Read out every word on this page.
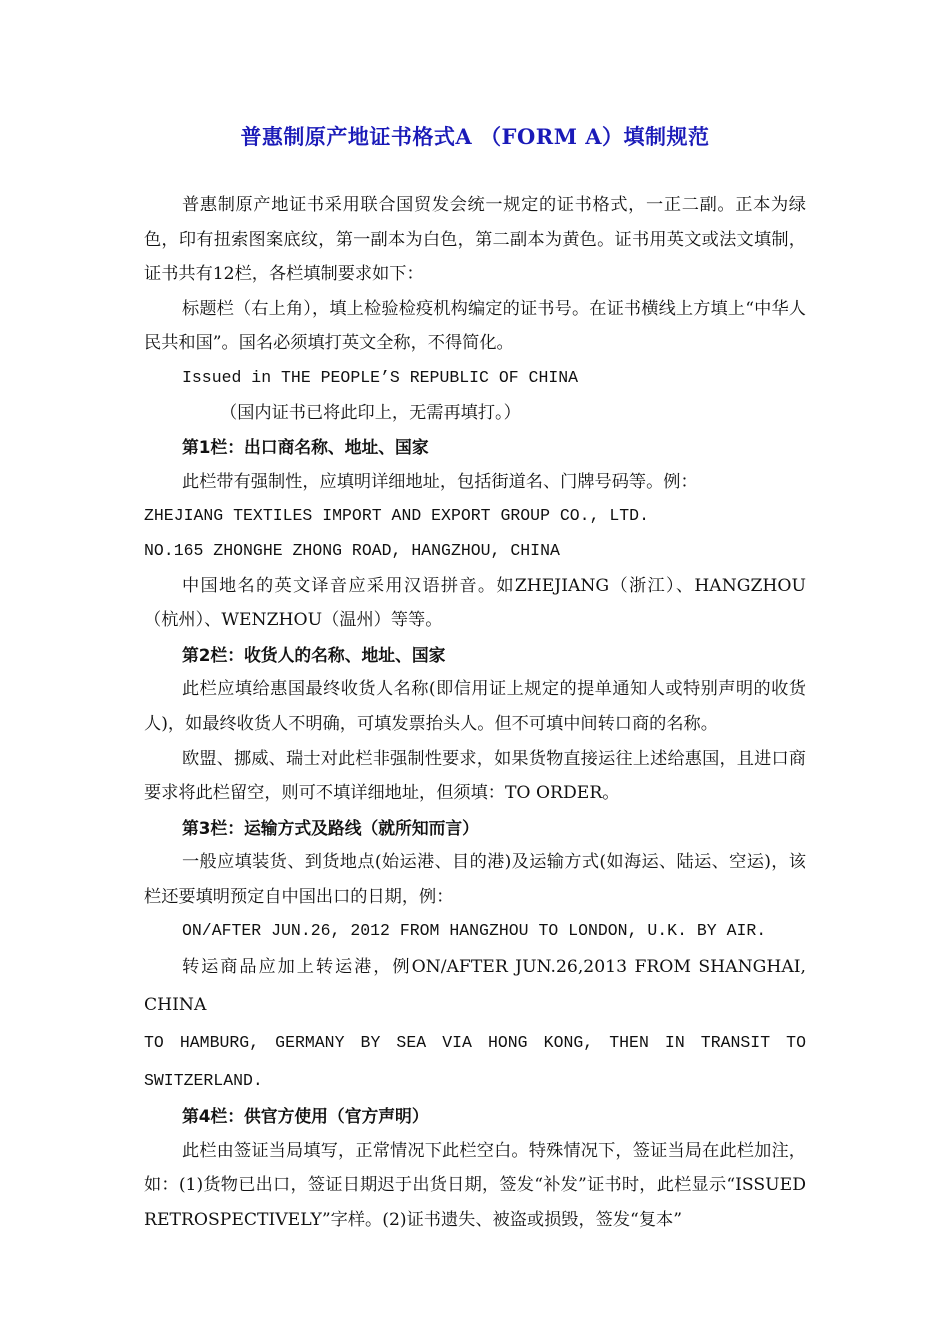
普惠制原产地证书格式A （FORM A）填制规范

普惠制原产地证书采用联合国贸发会统一规定的证书格式，一正二副。正本为绿色，印有扭索图案底纹，第一副本为白色，第二副本为黄色。证书用英文或法文填制，证书共有12栏，各栏填制要求如下：

标题栏（右上角），填上检验检疫机构编定的证书号。在证书横线上方填上“中华人民共和国”。国名必须填打英文全称，不得简化。

Issued in THE PEOPLE’S REPUBLIC OF CHINA

（国内证书已将此印上，无需再填打。）

第1栏：出口商名称、地址、国家

此栏带有强制性，应填明详细地址，包括街道名、门牌号码等。例：

ZHEJIANG TEXTILES IMPORT AND EXPORT GROUP CO., LTD.

NO.165 ZHONGHE ZHONG ROAD, HANGZHOU, CHINA

中国地名的英文译音应采用汉语拼音。如ZHEJIANG（浙江）、HANGZHOU（杭州）、WENZHOU（温州）等等。

第2栏：收货人的名称、地址、国家

此栏应填给惠国最终收货人名称(即信用证上规定的提单通知人或特别声明的收货人)，如最终收货人不明确，可填发票抬头人。但不可填中间转口商的名称。

欧盟、挪威、瑞士对此栏非强制性要求，如果货物直接运往上述给惠国，且进口商要求将此栏留空，则可不填详细地址，但须填：TO ORDER。

第3栏：运输方式及路线（就所知而言）

一般应填装货、到货地点(始运港、目的港)及运输方式(如海运、陆运、空运)，该栏还要填明预定自中国出口的日期，例：

ON/AFTER JUN.26, 2012 FROM HANGZHOU TO LONDON, U.K. BY AIR.

转运商品应加上转运港，例ON/AFTER JUN.26,2013 FROM SHANGHAI, CHINA

TO HAMBURG, GERMANY BY SEA VIA HONG KONG, THEN IN TRANSIT TO

SWITZERLAND.

第4栏：供官方使用（官方声明）

此栏由签证当局填写，正常情况下此栏空白。特殊情况下，签证当局在此栏加注，如：(1)货物已出口，签证日期迟于出货日期，签发“补发”证书时，此栏显示“ISSUED RETROSPECTIVELY”字样。(2)证书遗失、被盗或损毁，签发“复本”
